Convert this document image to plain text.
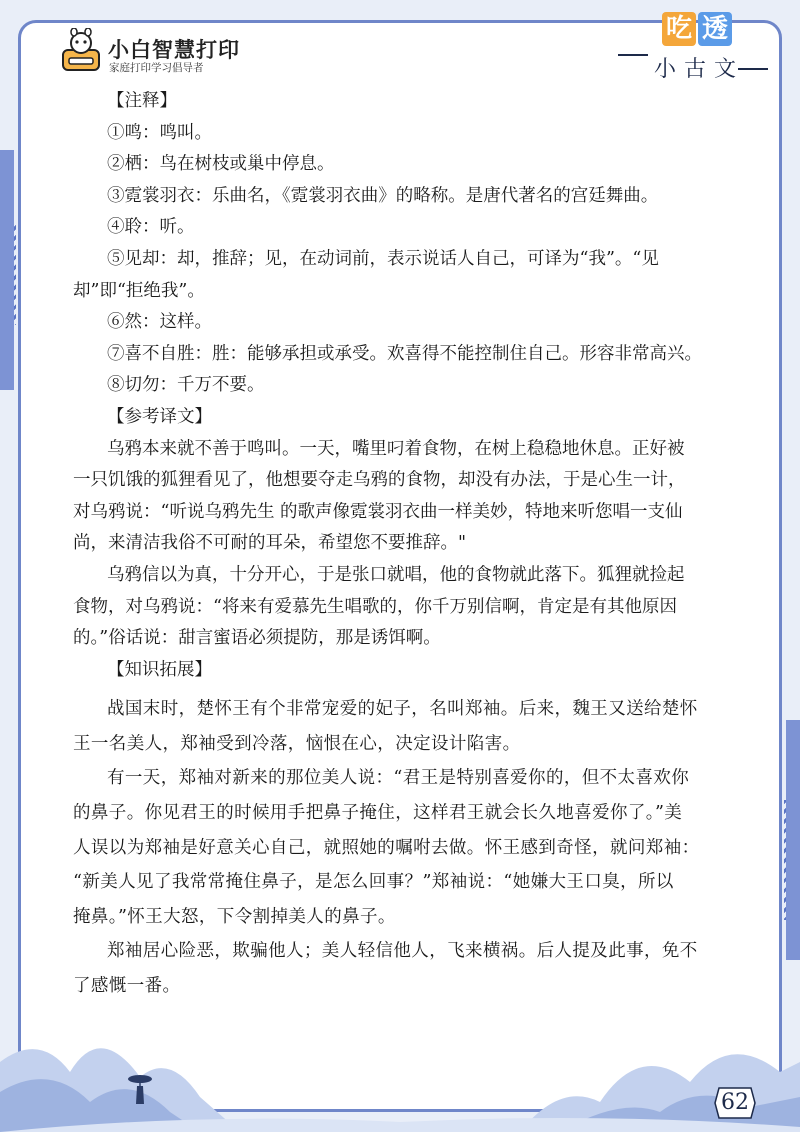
小白智慧打印
家庭打印学习倡导者
吃 透
小古文
【注释】
①鸣：鸣叫。
②栖：鸟在树枝或巢中停息。
③霓裳羽衣：乐曲名，《霓裳羽衣曲》的略称。是唐代著名的宫廷舞曲。
④聆：听。
⑤见却：却，推辞；见，在动词前，表示说话人自己，可译为“我”。“见
却”即“拒绝我”。
⑥然：这样。
⑦喜不自胜：胜：能够承担或承受。欢喜得不能控制住自己。形容非常高兴。
⑧切勿：千万不要。
【参考译文】
乌鸦本来就不善于鸣叫。一天，嘴里叼着食物，在树上稳稳地休息。正好被
一只饥饿的狐狸看见了，他想要夺走乌鸦的食物，却没有办法，于是心生一计，
对乌鸦说：“听说乌鸦先生 的歌声像霓裳羽衣曲一样美妙，特地来听您唱一支仙
尚，来清洁我俗不可耐的耳朵，希望您不要推辞。"
乌鸦信以为真，十分开心，于是张口就唱，他的食物就此落下。狐狸就捡起
食物，对乌鸦说：“将来有爱慕先生唱歌的，你千万别信啊，肯定是有其他原因
的。”俗话说：甜言蜜语必须提防，那是诱饵啊。
【知识拓展】
战国末时，楚怀王有个非常宠爱的妃子，名叫郑袖。后来，魏王又送给楚怀
王一名美人，郑袖受到冷落，恼恨在心，决定设计陷害。
有一天，郑袖对新来的那位美人说：“君王是特别喜爱你的，但不太喜欢你
的鼻子。你见君王的时候用手把鼻子掩住，这样君王就会长久地喜爱你了。”美
人误以为郑袖是好意关心自己，就照她的嘱咐去做。怀王感到奇怪，就问郑袖：
“新美人见了我常常掩住鼻子，是怎么回事？”郑袖说：“她嫌大王口臭，所以
掩鼻。”怀王大怒，下令割掉美人的鼻子。
郑袖居心险恶，欺骗他人；美人轻信他人，飞来横祸。后人提及此事，免不
了感慨一番。
62
